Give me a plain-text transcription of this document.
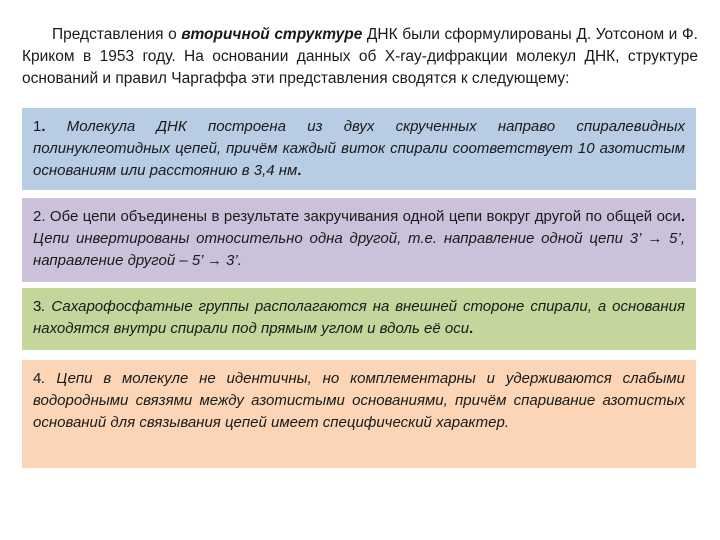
Представления о вторичной структуре ДНК были сформулированы Д. Уотсоном и Ф. Криком в 1953 году. На основании данных об X-ray-дифракции молекул ДНК, структуре оснований и правил Чаргаффа эти представления сводятся к следующему:

1. Молекула ДНК построена из двух скрученных направо спиралевидных полинуклеотидных цепей, причём каждый виток спирали соответствует 10 азотистым основаниям или расстоянию в 3,4 нм.
2. Обе цепи объединены в результате закручивания одной цепи вокруг другой по общей оси. Цепи инвертированы относительно одна другой, т.е. направление одной цепи 3’ → 5’, направление другой – 5’ → 3’.
3. Сахарофосфатные группы располагаются на внешней стороне спирали, а основания находятся внутри спирали под прямым углом и вдоль её оси.
4. Цепи в молекуле не идентичны, но комплементарны и удерживаются слабыми водородными связями между азотистыми основаниями, причём спаривание азотистых оснований для связывания цепей имеет специфический характер.
